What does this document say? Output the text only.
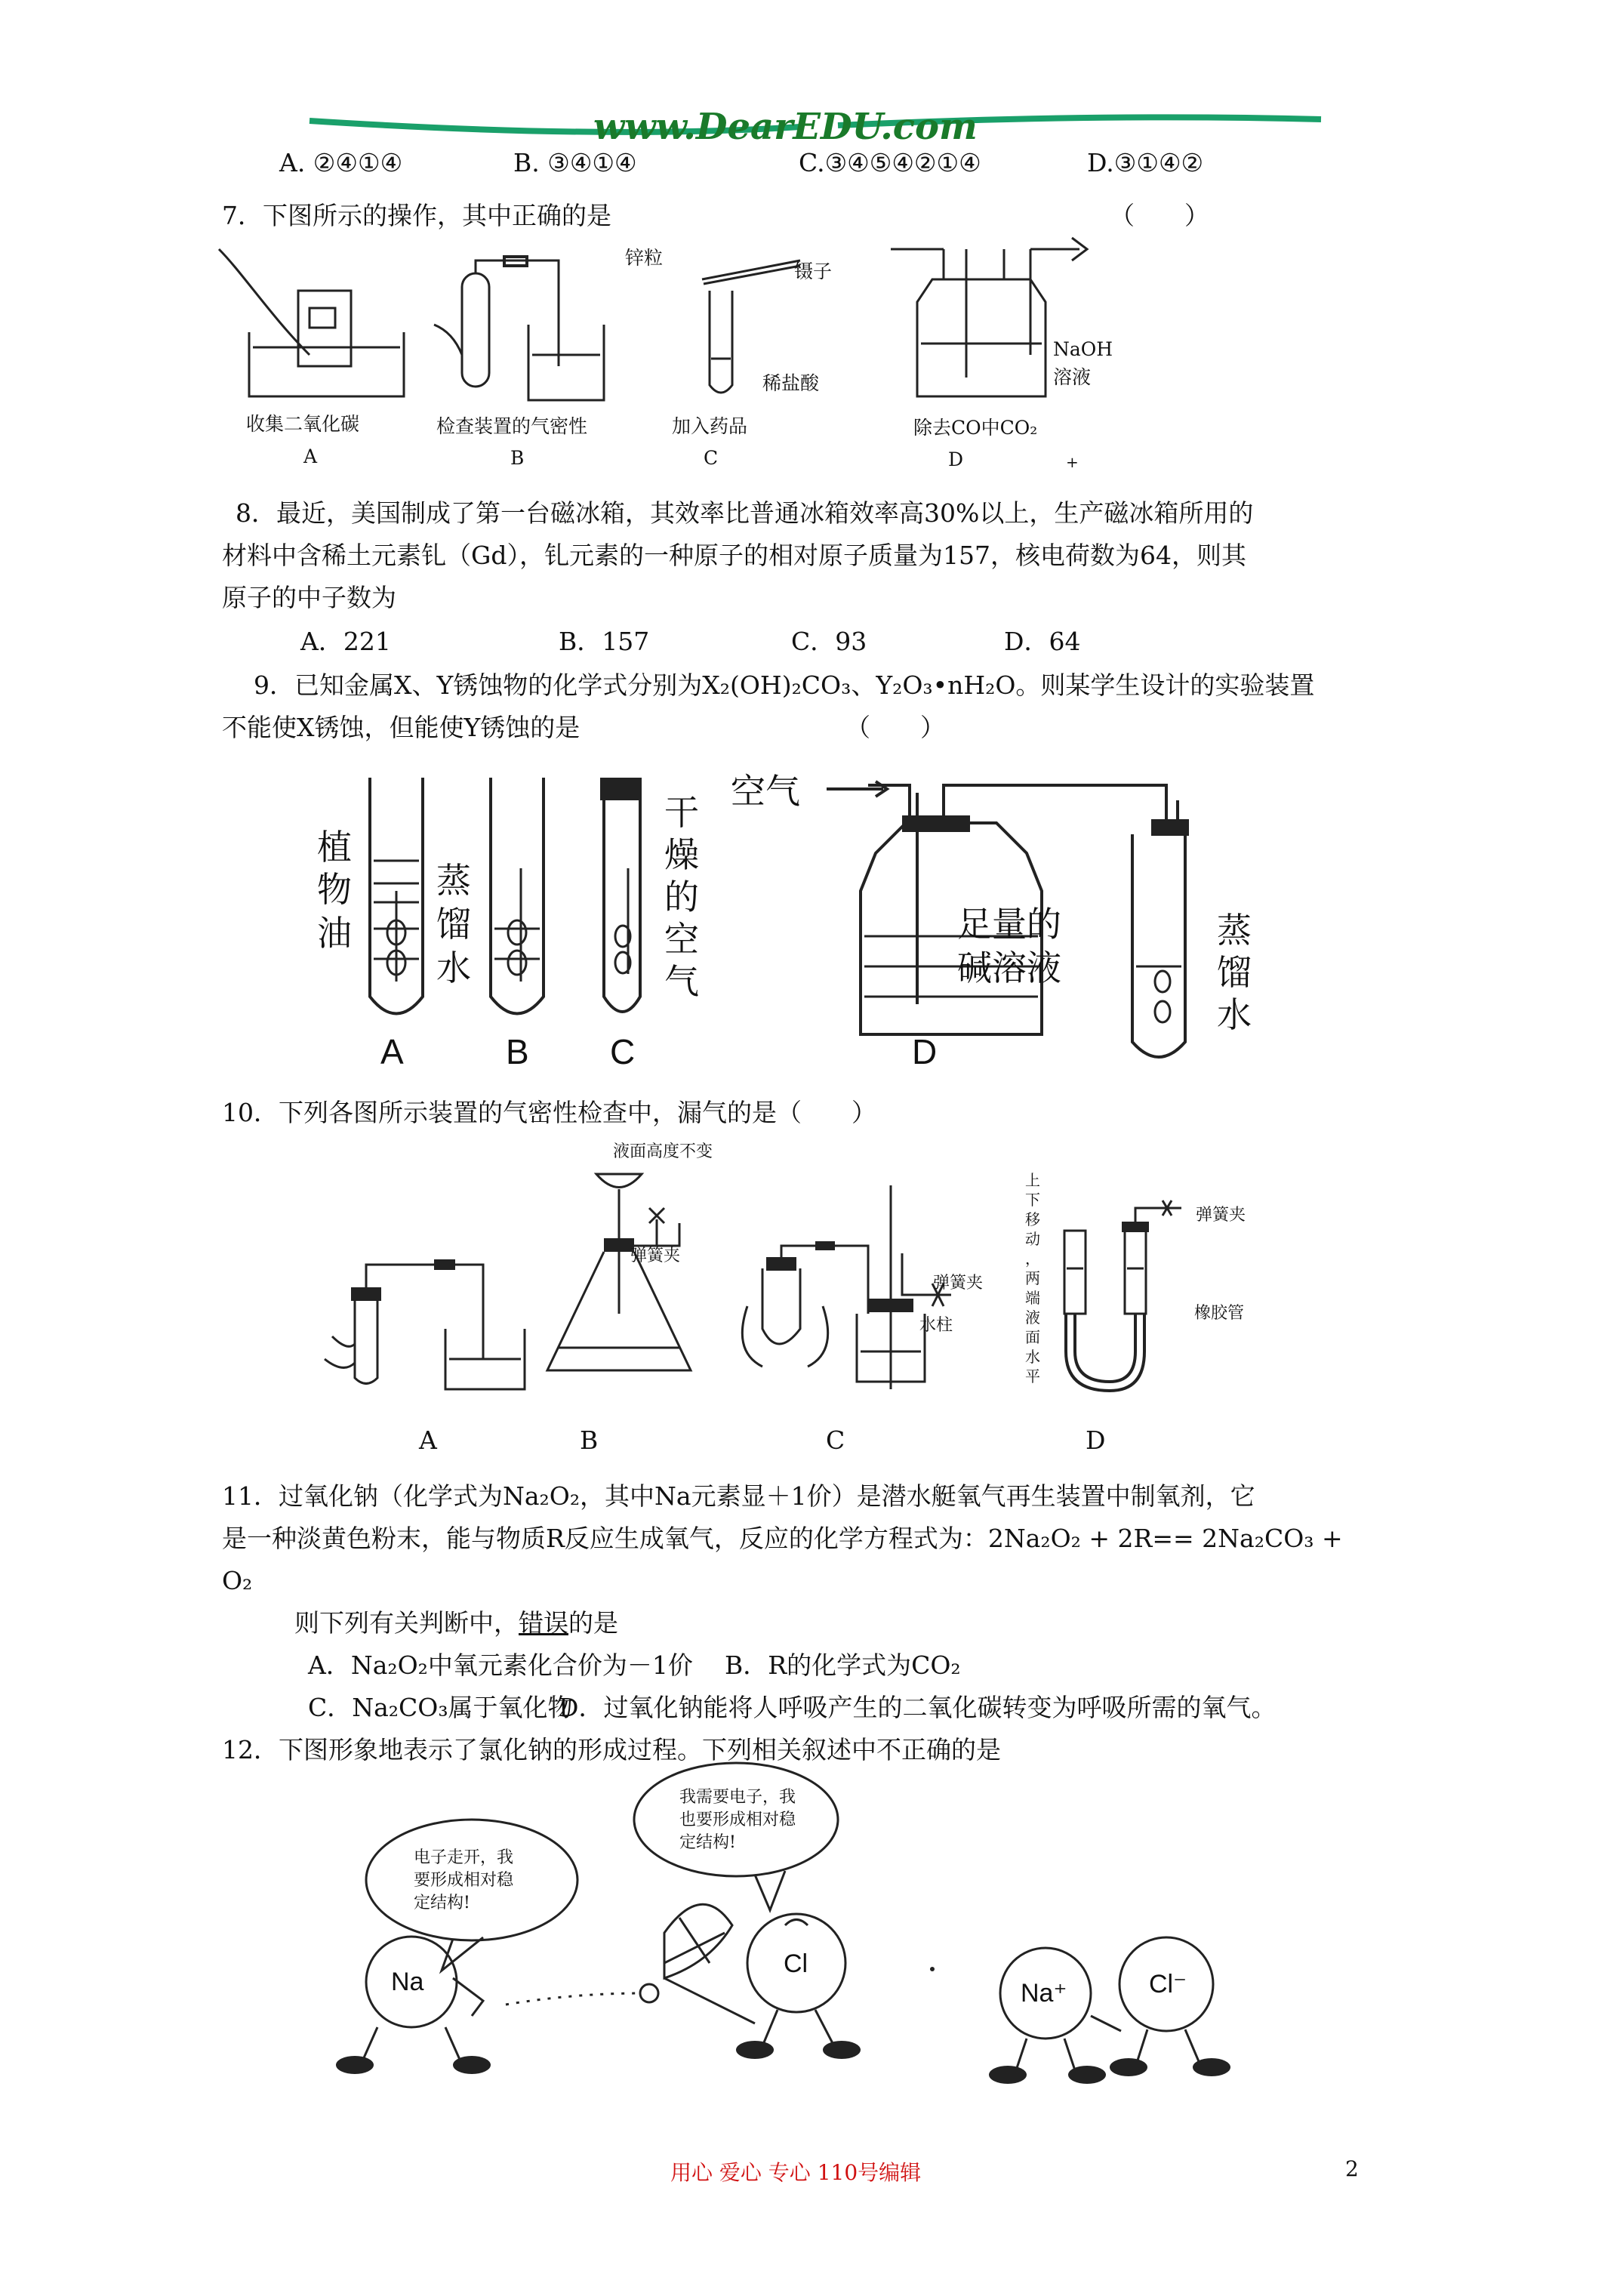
www.DearEDU.com
A. ②④①④	B. ③④①④	C.③④⑤④②①④	D.③①④②
7．下图所示的操作，其中正确的是	（　　）
锌粒
镊子
稀盐酸
NaOH
溶液
收集二氧化碳	检查装置的气密性	加入药品	除去CO中CO₂
A	B	C	D	+
8．最近，美国制成了第一台磁冰箱，其效率比普通冰箱效率高30%以上，生产磁冰箱所用的
材料中含稀土元素钆（Gd），钆元素的一种原子的相对原子质量为157，核电荷数为64，则其
原子的中子数为
A．221	B．157	C．93	D．64
9．已知金属X、Y锈蚀物的化学式分别为X₂(OH)₂CO₃、Y₂O₃•nH₂O。则某学生设计的实验装置
不能使X锈蚀，但能使Y锈蚀的是	（　　）
植
物
油
蒸
馏
水
干
燥
的
空
气
空气
足量的
碱溶液
蒸
馏
水
A	B C	D
10．下列各图所示装置的气密性检查中，漏气的是（　　）
液面高度不变
弹簧夹
弹簧夹
水柱
弹簧夹
橡胶管
上
下
移
动
，
两
端
液
面
水
平
A	B	C	D
11．过氧化钠（化学式为Na₂O₂，其中Na元素显＋1价）是潜水艇氧气再生装置中制氧剂，它
是一种淡黄色粉末，能与物质R反应生成氧气，反应的化学方程式为：2Na₂O₂ + 2R== 2Na₂CO₃ +
O₂
则下列有关判断中，错误的是
A．Na₂O₂中氧元素化合价为－1价 B．R的化学式为CO₂
C．Na₂CO₃属于氧化物
D．过氧化钠能将人呼吸产生的二氧化碳转变为呼吸所需的氧气。
12．下图形象地表示了氯化钠的形成过程。下列相关叙述中不正确的是
电子走开，我
要形成相对稳
定结构!
我需要电子，我
也要形成相对稳
定结构!
Na
Cl
Na⁺	Cl⁻
用心 爱心 专心 110号编辑	2
